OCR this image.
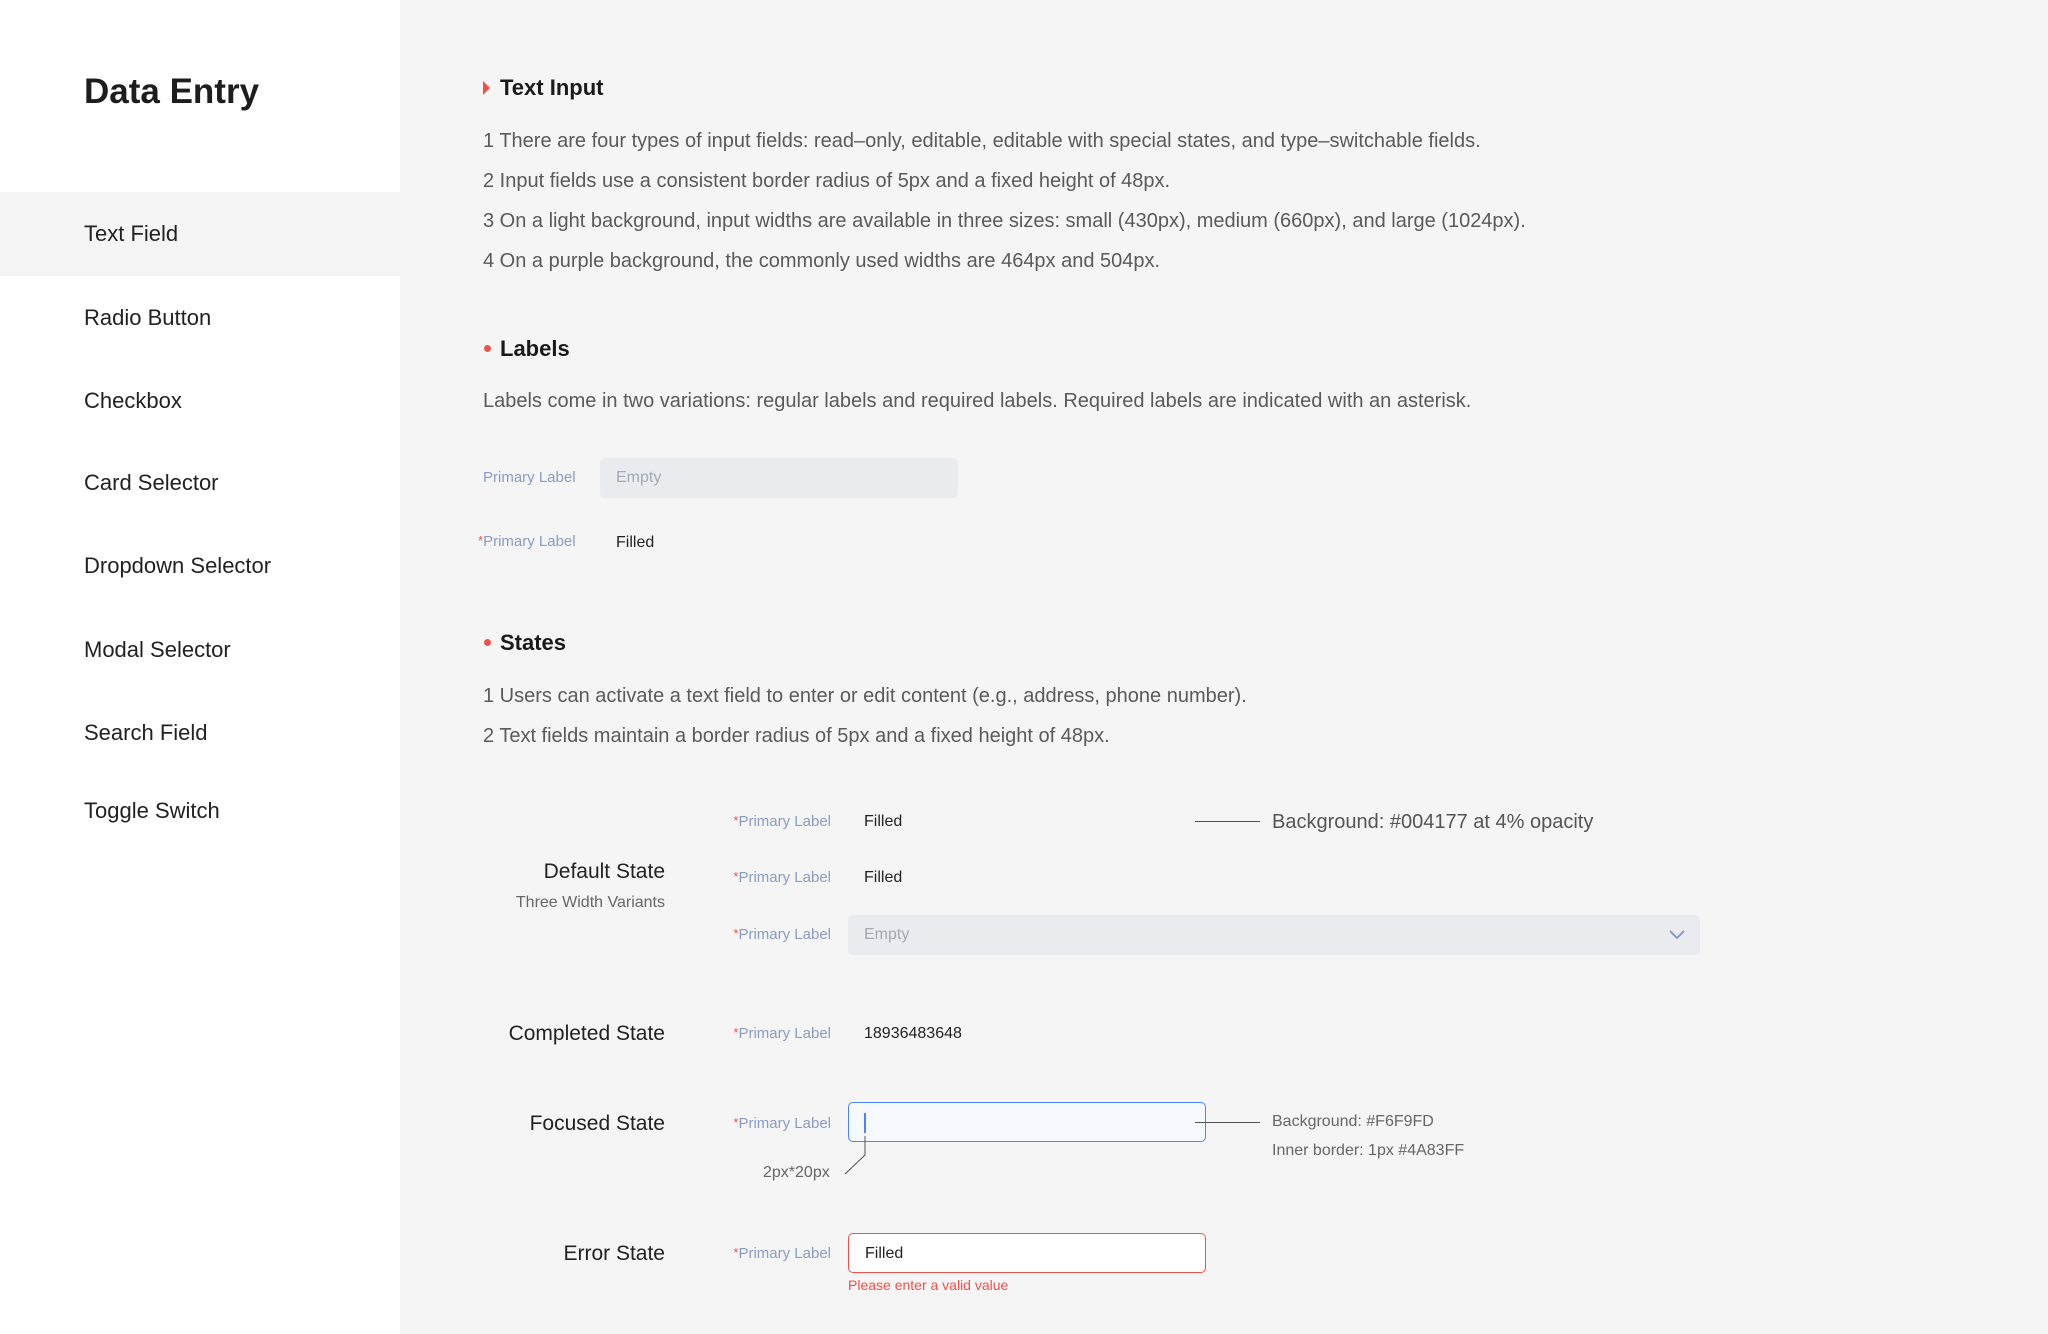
Data Entry
Text Field
Radio Button
Checkbox
Card Selector
Dropdown Selector
Modal Selector
Search Field
Toggle Switch
Text Input
1 There are four types of input fields: read–only, editable, editable with special states, and type–switchable fields.
2 Input fields use a consistent border radius of 5px and a fixed height of 48px.
3 On a light background, input widths are available in three sizes: small (430px), medium (660px), and large (1024px).
4 On a purple background, the commonly used widths are 464px and 504px.
Labels
Labels come in two variations: regular labels and required labels. Required labels are indicated with an asterisk.
Primary Label	Empty
*Primary Label	Filled
States
1 Users can activate a text field to enter or edit content (e.g., address, phone number).
2 Text fields maintain a border radius of 5px and a fixed height of 48px.
Default State
Three Width Variants
*Primary Label	Filled	Background: #004177 at 4% opacity
*Primary Label	Filled
*Primary Label	Empty
Completed State	*Primary Label	18936483648
Focused State	*Primary Label
2px*20px
Background: #F6F9FD
Inner border: 1px #4A83FF
Error State	*Primary Label	Filled
Please enter a valid value
